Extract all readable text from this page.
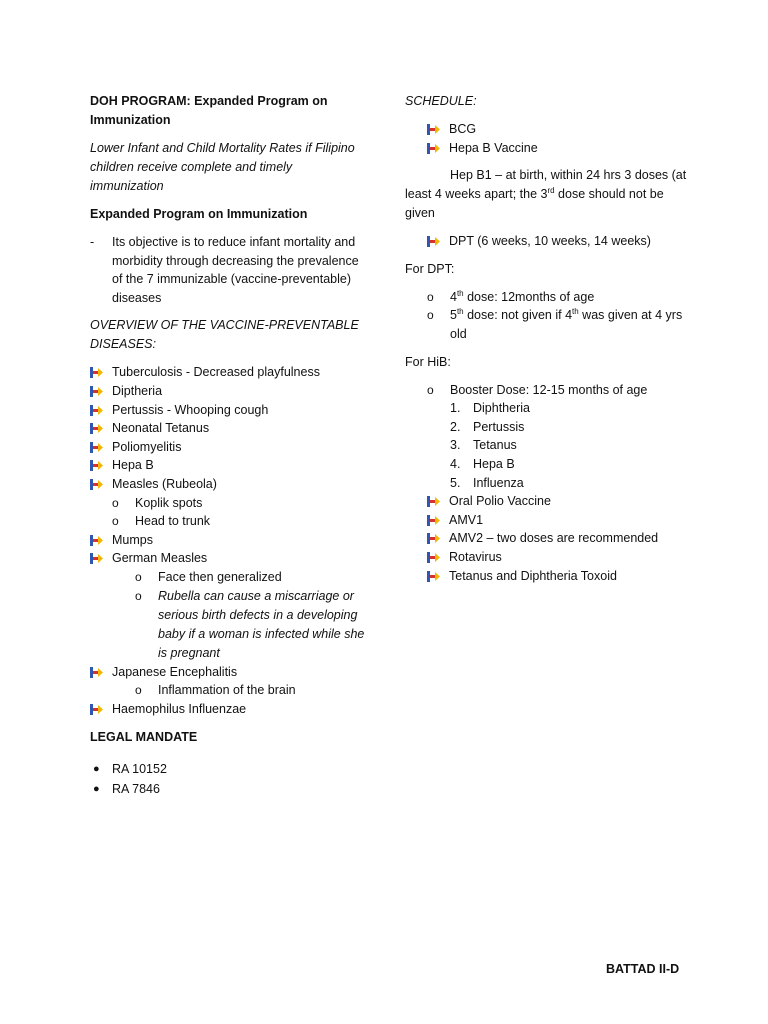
DOH PROGRAM: Expanded Program on Immunization

Lower Infant and Child Mortality Rates if Filipino children receive complete and timely immunization

Expanded Program on Immunization

- Its objective is to reduce infant mortality and morbidity through decreasing the prevalence of the 7 immunizable (vaccine-preventable) diseases

OVERVIEW OF THE VACCINE-PREVENTABLE DISEASES:

Tuberculosis - Decreased playfulness
Diptheria
Pertussis - Whooping cough
Neonatal Tetanus
Poliomyelitis
Hepa B
Measles (Rubeola)
o Koplik spots
o Head to trunk
Mumps
German Measles
o Face then generalized
o Rubella can cause a miscarriage or serious birth defects in a developing baby if a woman is infected while she is pregnant
Japanese Encephalitis
o Inflammation of the brain
Haemophilus Influenzae

LEGAL MANDATE

● RA 10152
● RA 7846

SCHEDULE:

BCG
Hepa B Vaccine

Hep B1 – at birth, within 24 hrs 3 doses (at least 4 weeks apart; the 3rd dose should not be given

DPT (6 weeks, 10 weeks, 14 weeks)

For DPT:

o 4th dose: 12months of age
o 5th dose: not given if 4th was given at 4 yrs old

For HiB:

o Booster Dose: 12-15 months of age
1. Diphtheria
2. Pertussis
3. Tetanus
4. Hepa B
5. Influenza
Oral Polio Vaccine
AMV1
AMV2 – two doses are recommended
Rotavirus
Tetanus and Diphtheria Toxoid
BATTAD II-D
